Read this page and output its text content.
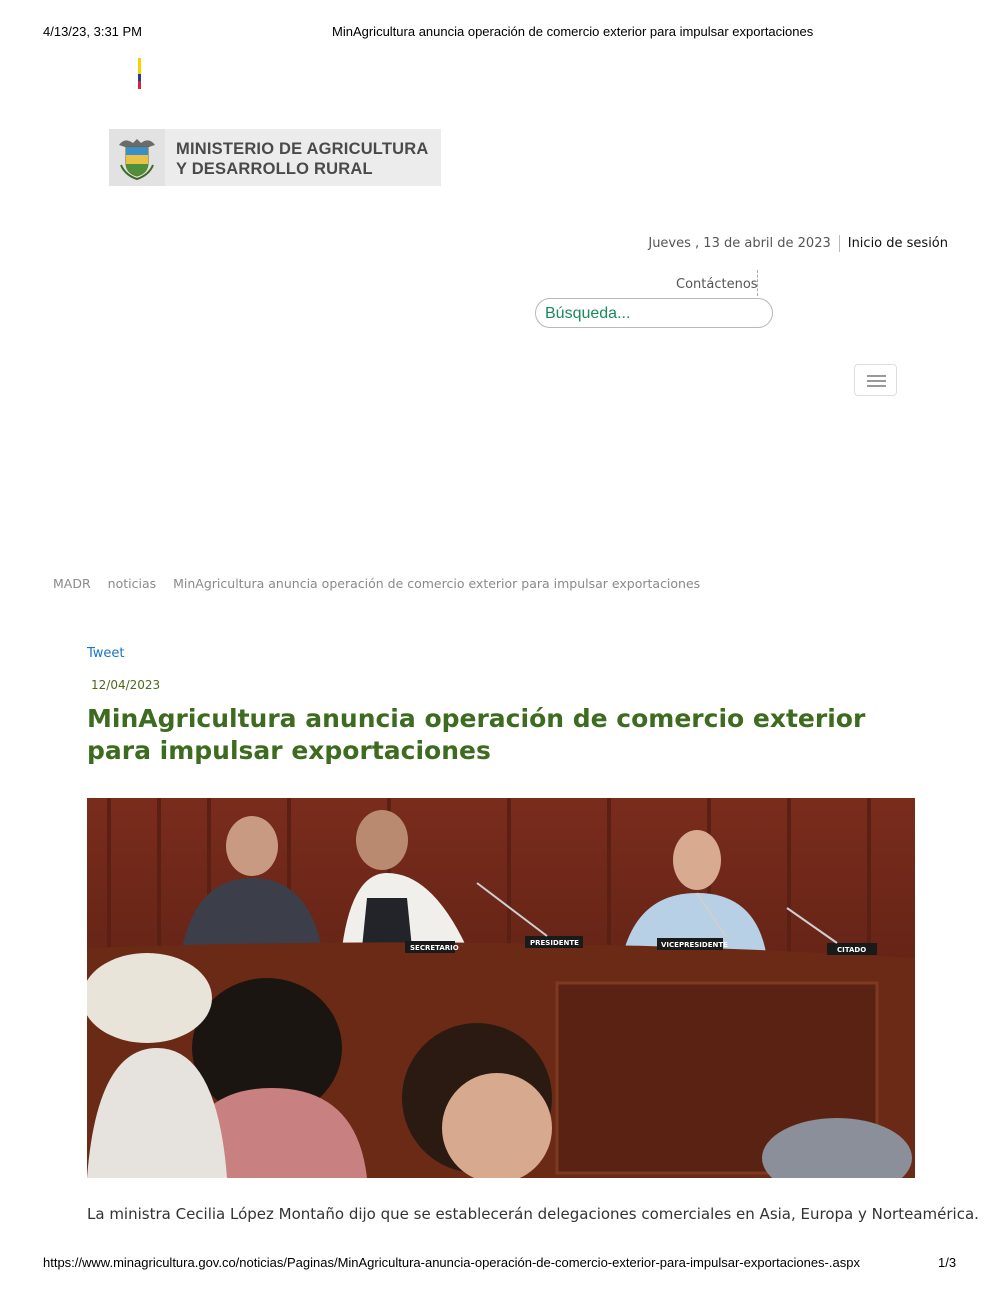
4/13/23, 3:31 PM	MinAgricultura anuncia operación de comercio exterior para impulsar exportaciones
MINISTERIO DE AGRICULTURA
Y DESARROLLO RURAL
Jueves , 13 de abril de 2023 Inicio de sesión
Contáctenos
Búsqueda...
MADR noticias MinAgricultura anuncia operación de comercio exterior para impulsar exportaciones
Tweet
12/04/2023
MinAgricultura anuncia operación de comercio exterior para impulsar exportaciones
SECRETARIO
PRESIDENTE	VICEPRESIDENTE
CITADO
La ministra Cecilia López Montaño dijo que se establecerán delegaciones comerciales en Asia, Europa y Norteamérica.
https://www.minagricultura.gov.co/noticias/Paginas/MinAgricultura-anuncia-operación-de-comercio-exterior-para-impulsar-exportaciones-.aspx	1/3
